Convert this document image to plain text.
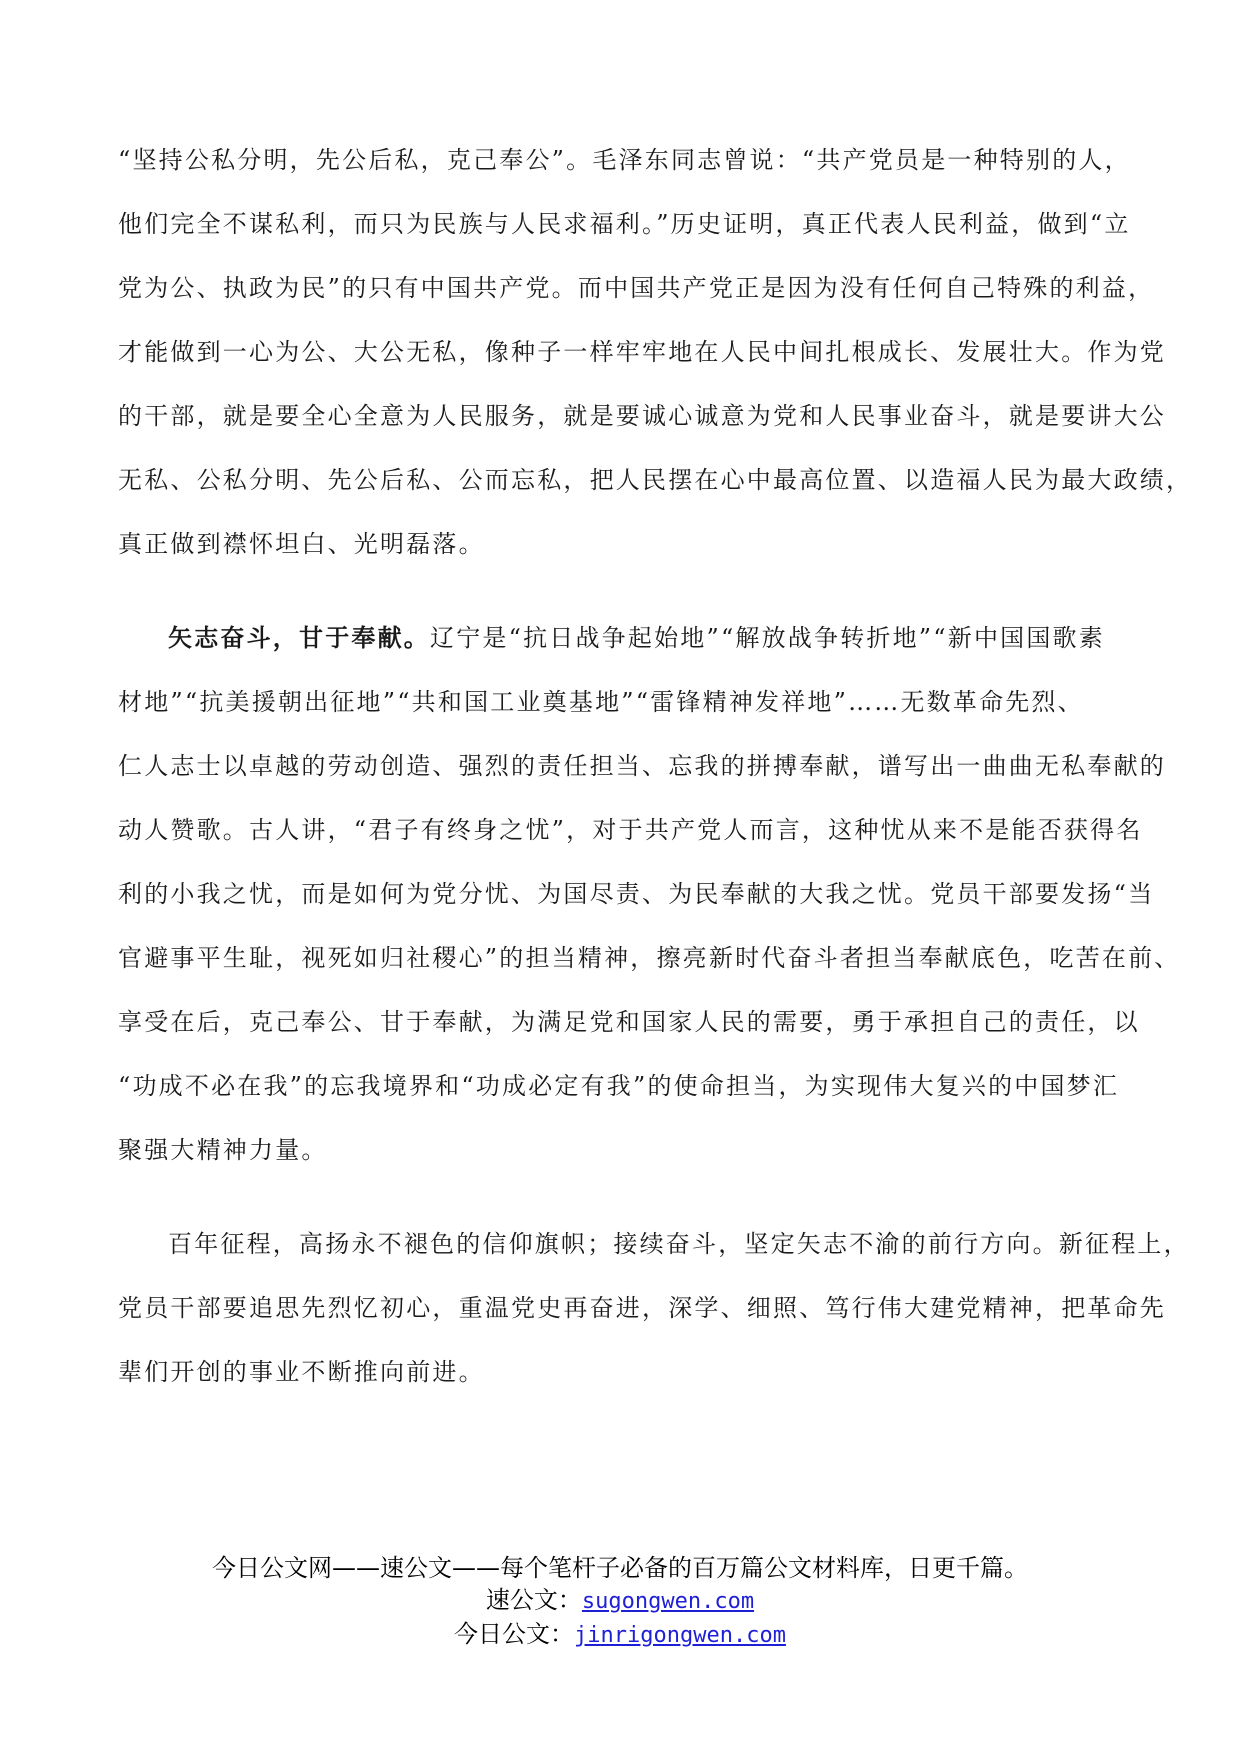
“坚持公私分明，先公后私，克己奉公”。毛泽东同志曾说：“共产党员是一种特别的人，
他们完全不谋私利，而只为民族与人民求福利。”历史证明，真正代表人民利益，做到“立
党为公、执政为民”的只有中国共产党。而中国共产党正是因为没有任何自己特殊的利益，
才能做到一心为公、大公无私，像种子一样牢牢地在人民中间扎根成长、发展壮大。作为党
的干部，就是要全心全意为人民服务，就是要诚心诚意为党和人民事业奋斗，就是要讲大公
无私、公私分明、先公后私、公而忘私，把人民摆在心中最高位置、以造福人民为最大政绩，
真正做到襟怀坦白、光明磊落。
矢志奋斗，甘于奉献。辽宁是“抗日战争起始地”“解放战争转折地”“新中国国歌素
材地”“抗美援朝出征地”“共和国工业奠基地”“雷锋精神发祥地”……无数革命先烈、
仁人志士以卓越的劳动创造、强烈的责任担当、忘我的拼搏奉献，谱写出一曲曲无私奉献的
动人赞歌。古人讲，“君子有终身之忧”，对于共产党人而言，这种忧从来不是能否获得名
利的小我之忧，而是如何为党分忧、为国尽责、为民奉献的大我之忧。党员干部要发扬“当
官避事平生耻，视死如归社稷心”的担当精神，擦亮新时代奋斗者担当奉献底色，吃苦在前、
享受在后，克己奉公、甘于奉献，为满足党和国家人民的需要，勇于承担自己的责任，以
“功成不必在我”的忘我境界和“功成必定有我”的使命担当，为实现伟大复兴的中国梦汇
聚强大精神力量。
百年征程，高扬永不褪色的信仰旗帜；接续奋斗，坚定矢志不渝的前行方向。新征程上，
党员干部要追思先烈忆初心，重温党史再奋进，深学、细照、笃行伟大建党精神，把革命先
辈们开创的事业不断推向前进。
今日公文网——速公文——每个笔杆子必备的百万篇公文材料库，日更千篇。
速公文：sugongwen.com
今日公文：jinrigongwen.com
